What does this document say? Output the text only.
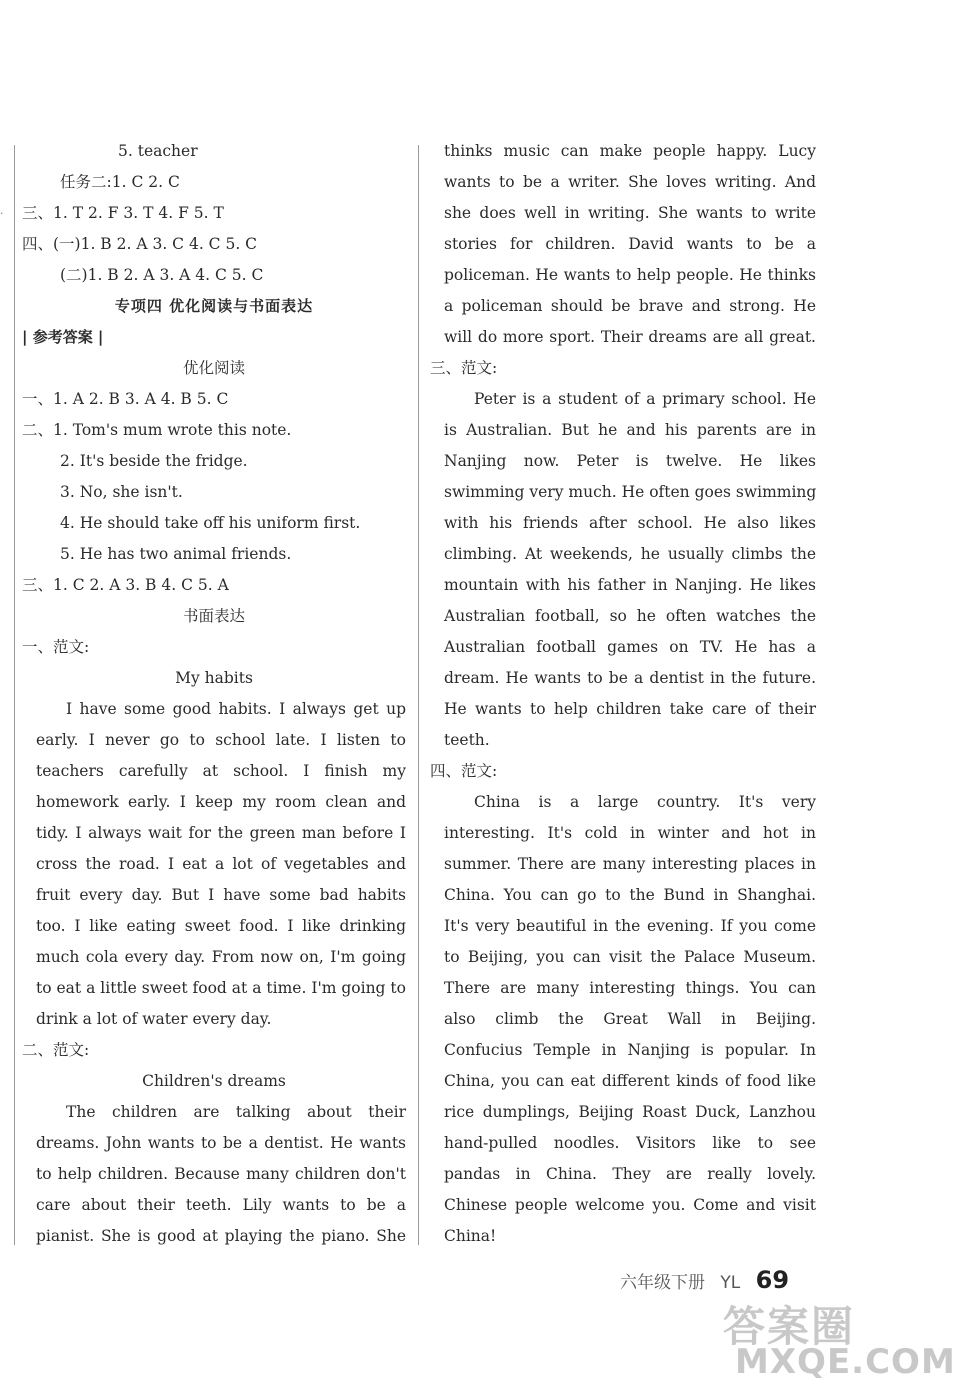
·
5. teacher
任务二:1. C 2. C
三、1. T 2. F 3. T 4. F 5. T
四、(一)1. B 2. A 3. C 4. C 5. C
(二)1. B 2. A 3. A 4. C 5. C
专项四 优化阅读与书面表达
| 参考答案 |
优化阅读
一、1. A 2. B 3. A 4. B 5. C
二、1. Tom's mum wrote this note.
2. It's beside the fridge.
3. No, she isn't.
4. He should take off his uniform first.
5. He has two animal friends.
三、1. C 2. A 3. B 4. C 5. A
书面表达
一、范文:
My habits
I have some good habits. I always get up
early. I never go to school late. I listen to
teachers carefully at school. I finish my
homework early. I keep my room clean and
tidy. I always wait for the green man before I
cross the road. I eat a lot of vegetables and
fruit every day. But I have some bad habits
too. I like eating sweet food. I like drinking
much cola every day. From now on, I'm going
to eat a little sweet food at a time. I'm going to
drink a lot of water every day.
二、范文:
Children's dreams
The children are talking about their
dreams. John wants to be a dentist. He wants
to help children. Because many children don't
care about their teeth. Lily wants to be a
pianist. She is good at playing the piano. She
thinks music can make people happy. Lucy
wants to be a writer. She loves writing. And
she does well in writing. She wants to write
stories for children. David wants to be a
policeman. He wants to help people. He thinks
a policeman should be brave and strong. He
will do more sport. Their dreams are all great.
三、范文:
Peter is a student of a primary school. He
is Australian. But he and his parents are in
Nanjing now. Peter is twelve. He likes
swimming very much. He often goes swimming
with his friends after school. He also likes
climbing. At weekends, he usually climbs the
mountain with his father in Nanjing. He likes
Australian football, so he often watches the
Australian football games on TV. He has a
dream. He wants to be a dentist in the future.
He wants to help children take care of their
teeth.
四、范文:
China is a large country. It's very
interesting. It's cold in winter and hot in
summer. There are many interesting places in
China. You can go to the Bund in Shanghai.
It's very beautiful in the evening. If you come
to Beijing, you can visit the Palace Museum.
There are many interesting things. You can
also climb the Great Wall in Beijing.
Confucius Temple in Nanjing is popular. In
China, you can eat different kinds of food like
rice dumplings, Beijing Roast Duck, Lanzhou
hand-pulled noodles. Visitors like to see
pandas in China. They are really lovely.
Chinese people welcome you. Come and visit
China!
六年级下册 YL 69
答案圈
MXQE.COM
